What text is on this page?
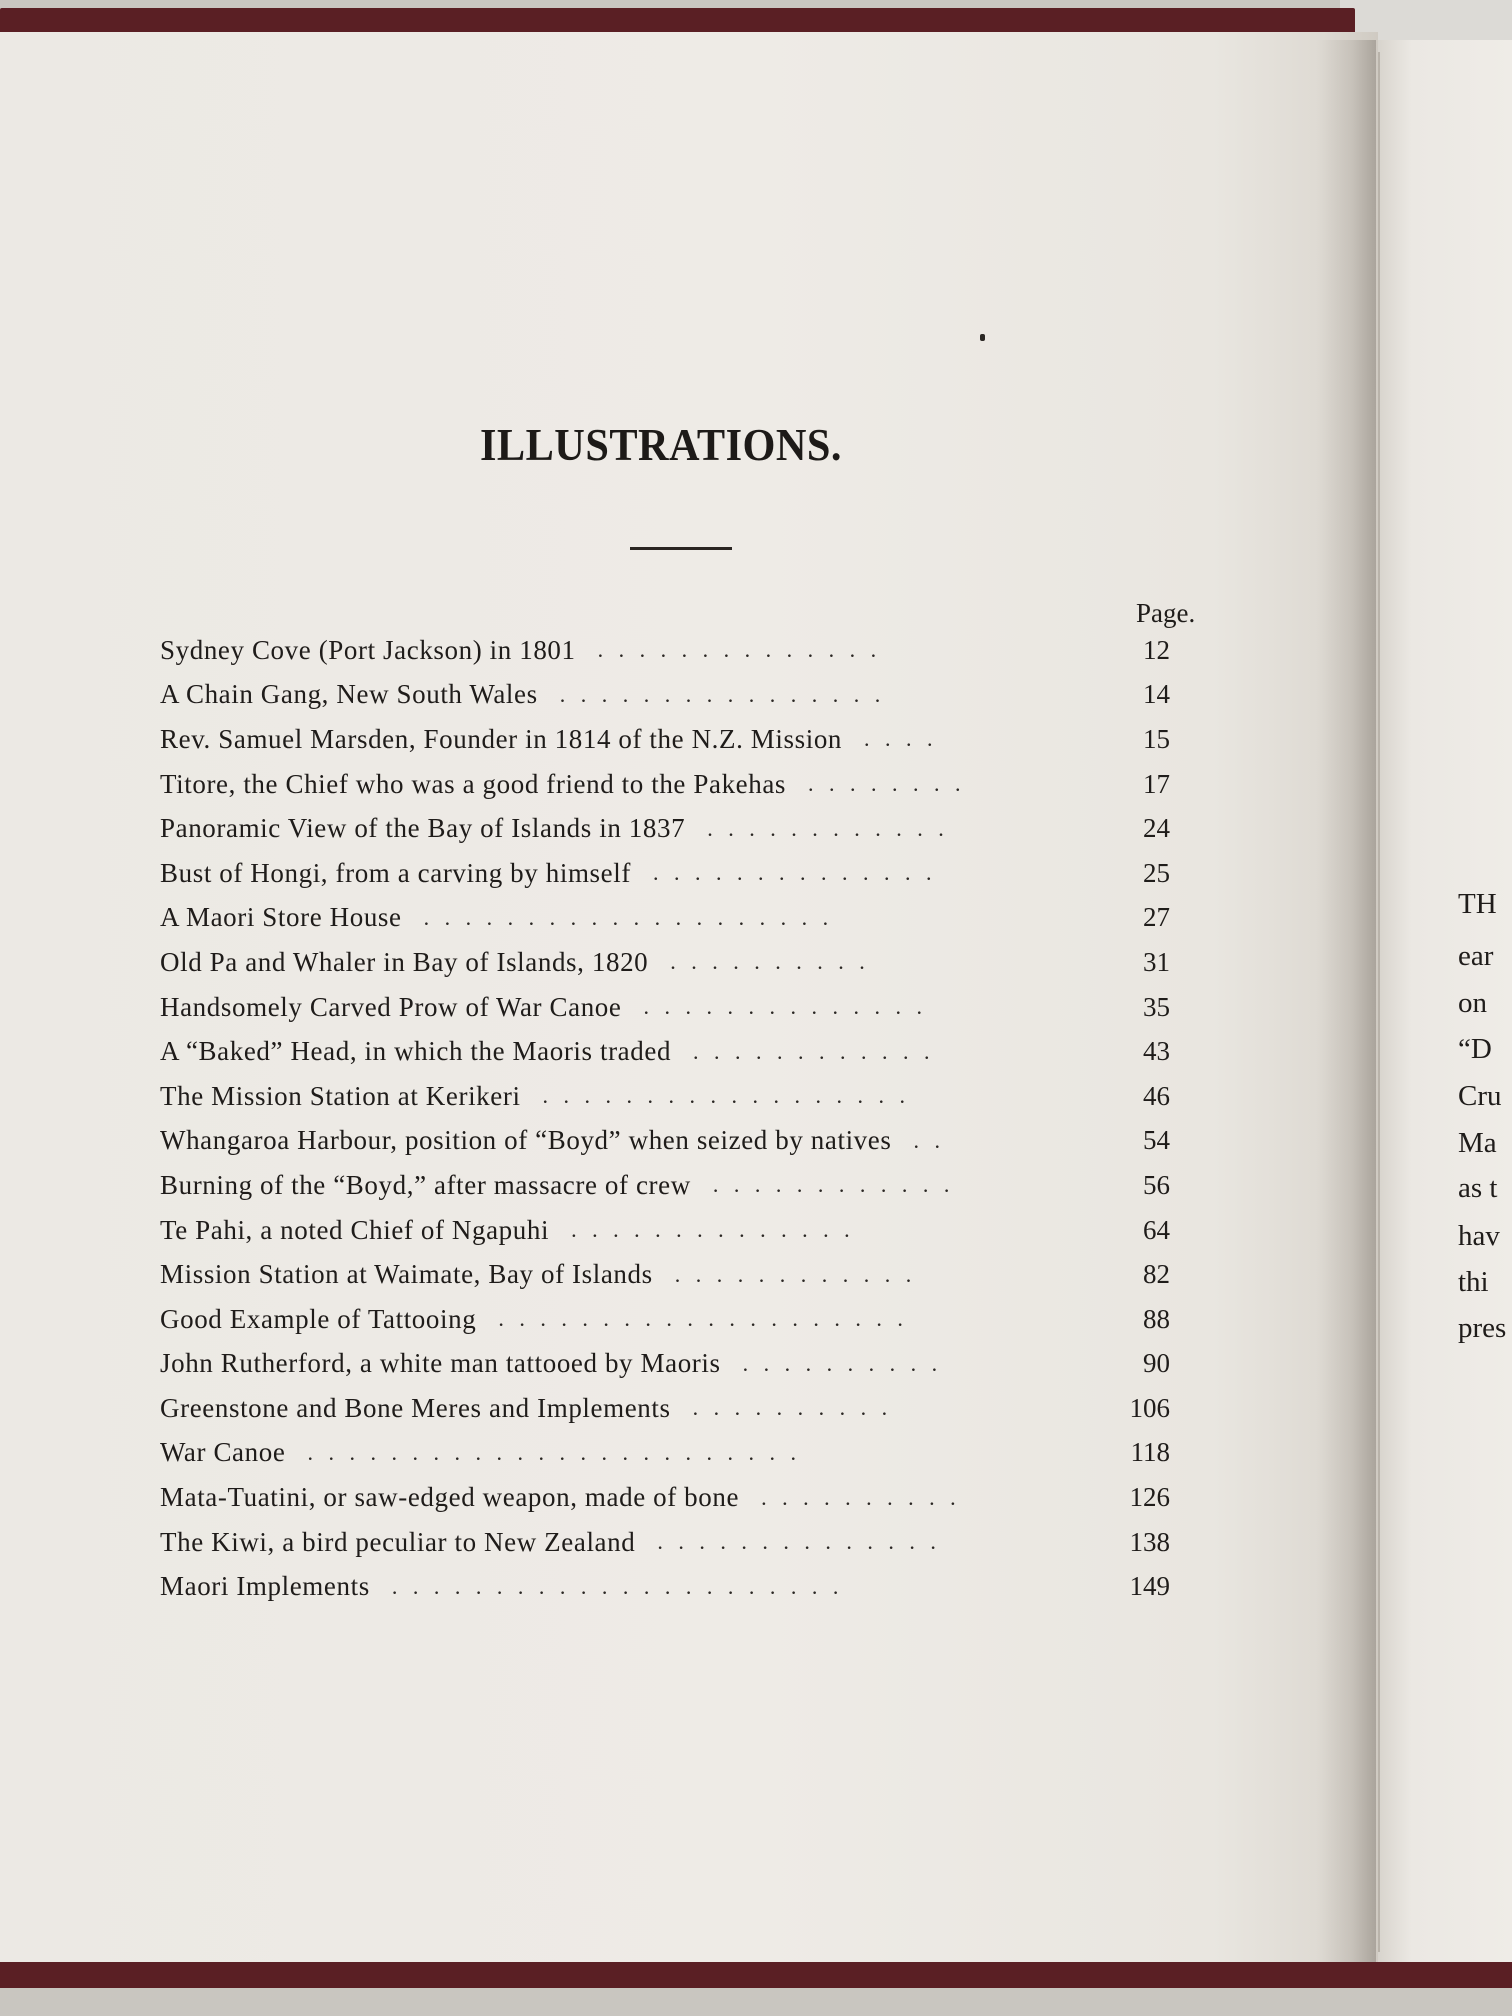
ILLUSTRATIONS.
Page.
Sydney Cove (Port Jackson) in 1801 . . . . . . . . . . . . . .	12
A Chain Gang, New South Wales . . . . . . . . . . . . . . . .	14
Rev. Samuel Marsden, Founder in 1814 of the N.Z. Mission . . . .	15
Titore, the Chief who was a good friend to the Pakehas . . . . . . . .	17
Panoramic View of the Bay of Islands in 1837 . . . . . . . . . . . .	24
Bust of Hongi, from a carving by himself . . . . . . . . . . . . . .	25
A Maori Store House . . . . . . . . . . . . . . . . . . . .	27
Old Pa and Whaler in Bay of Islands, 1820 . . . . . . . . . .	31
Handsomely Carved Prow of War Canoe . . . . . . . . . . . . . .	35
A “Baked” Head, in which the Maoris traded . . . . . . . . . . . .	43
The Mission Station at Kerikeri . . . . . . . . . . . . . . . . . .	46
Whangaroa Harbour, position of “Boyd” when seized by natives . .	54
Burning of the “Boyd,” after massacre of crew . . . . . . . . . . . .	56
Te Pahi, a noted Chief of Ngapuhi . . . . . . . . . . . . . .	64
Mission Station at Waimate, Bay of Islands . . . . . . . . . . . .	82
Good Example of Tattooing . . . . . . . . . . . . . . . . . . . .	88
John Rutherford, a white man tattooed by Maoris . . . . . . . . . .	90
Greenstone and Bone Meres and Implements . . . . . . . . . .	106
War Canoe . . . . . . . . . . . . . . . . . . . . . . . .	118
Mata-Tuatini, or saw-edged weapon, made of bone . . . . . . . . . .	126
The Kiwi, a bird peculiar to New Zealand . . . . . . . . . . . . . .	138
Maori Implements . . . . . . . . . . . . . . . . . . . . . .	149
TH
ear
on
“D
Cru
Ma
as t
hav
thi
pres
